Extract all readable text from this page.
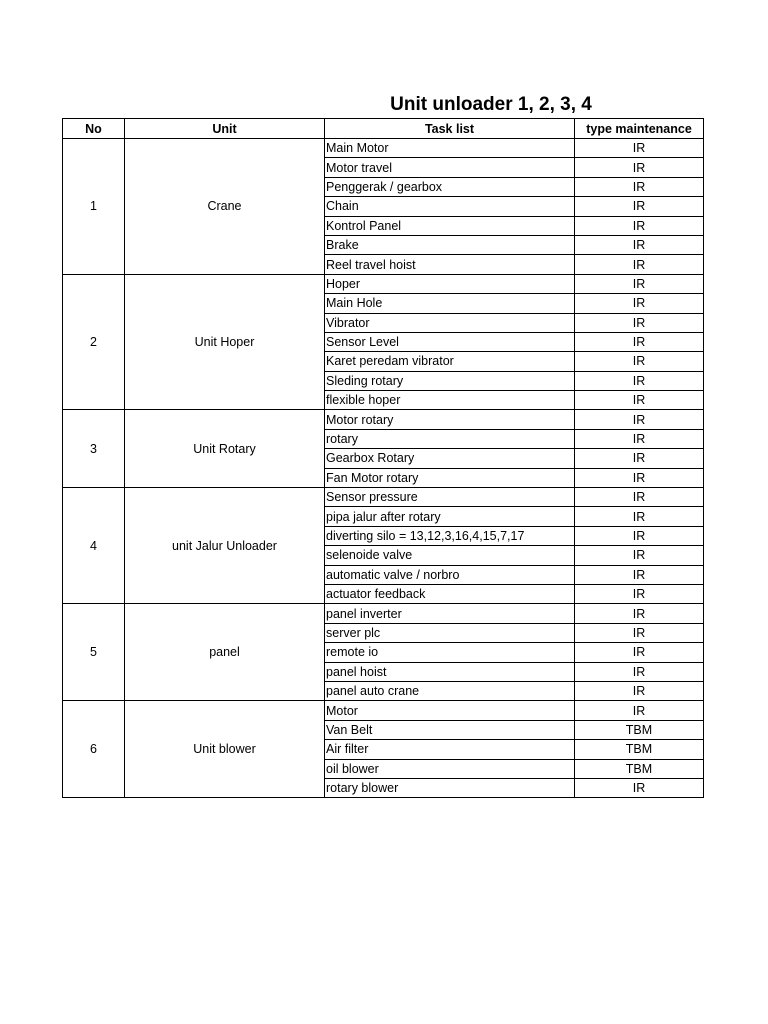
Unit unloader 1, 2, 3, 4
No	Unit	Task list	type maintenance
1	Crane	Main Motor	IR
		Motor travel	IR
		Penggerak / gearbox	IR
		Chain	IR
		Kontrol Panel	IR
		Brake	IR
		Reel travel hoist	IR
2	Unit Hoper	Hoper	IR
		Main Hole	IR
		Vibrator	IR
		Sensor Level	IR
		Karet peredam vibrator	IR
		Sleding rotary	IR
		flexible hoper	IR
3	Unit Rotary	Motor rotary	IR
		rotary	IR
		Gearbox Rotary	IR
		Fan Motor rotary	IR
4	unit Jalur Unloader	Sensor pressure	IR
		pipa jalur after rotary	IR
		diverting silo = 13,12,3,16,4,15,7,17	IR
		selenoide valve	IR
		automatic valve / norbro	IR
		actuator feedback	IR
5	panel	panel inverter	IR
		server plc	IR
		remote io	IR
		panel hoist	IR
		panel auto crane	IR
6	Unit blower	Motor	IR
		Van Belt	TBM
		Air filter	TBM
		oil blower	TBM
		rotary blower	IR
